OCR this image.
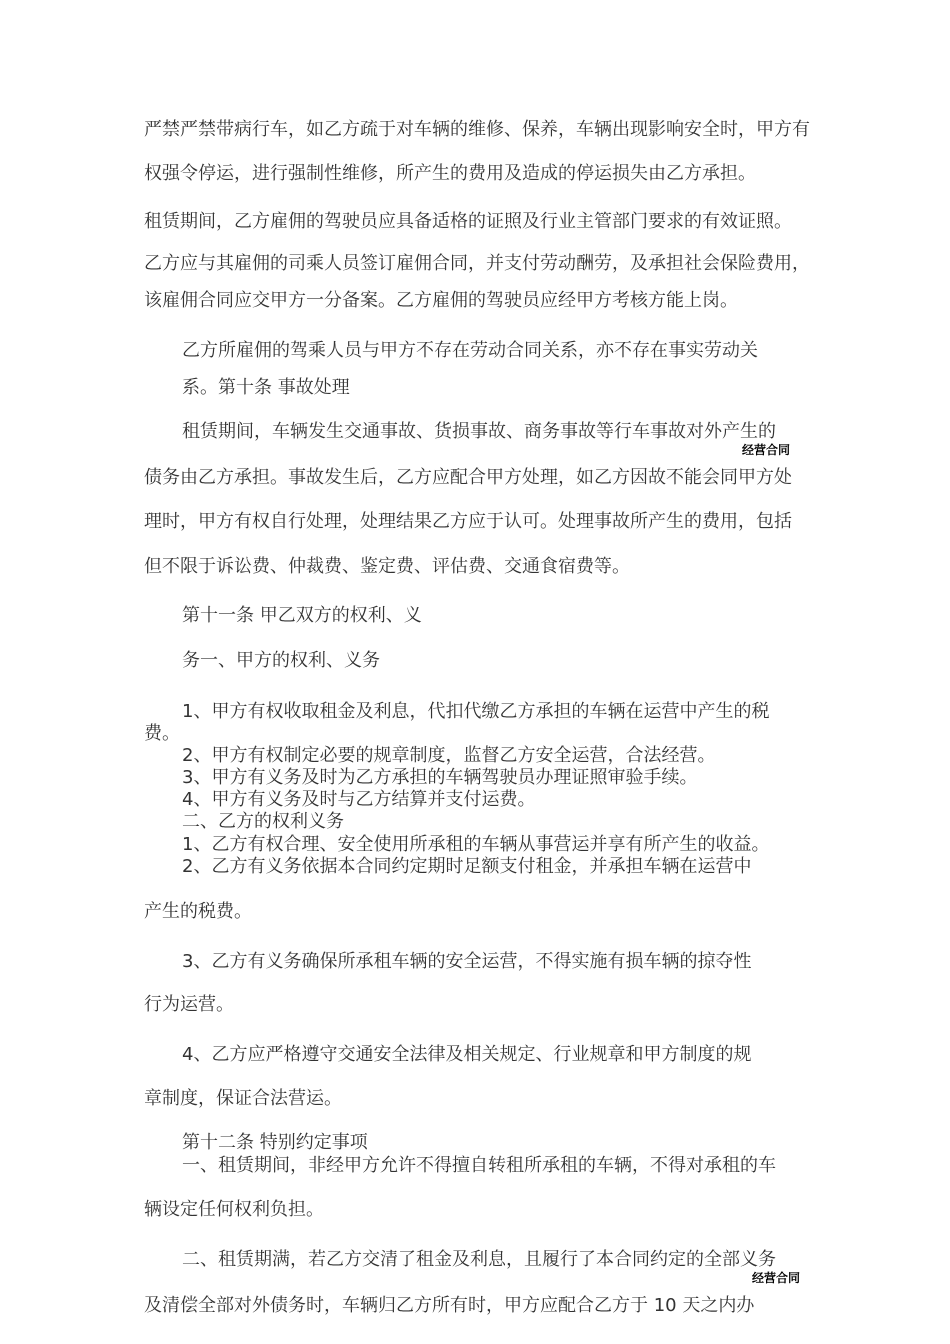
严禁严禁带病行车，如乙方疏于对车辆的维修、保养，车辆出现影响安全时，甲方有
权强令停运，进行强制性维修，所产生的费用及造成的停运损失由乙方承担。
租赁期间，乙方雇佣的驾驶员应具备适格的证照及行业主管部门要求的有效证照。
乙方应与其雇佣的司乘人员签订雇佣合同，并支付劳动酬劳，及承担社会保险费用，
该雇佣合同应交甲方一分备案。乙方雇佣的驾驶员应经甲方考核方能上岗。
乙方所雇佣的驾乘人员与甲方不存在劳动合同关系，亦不存在事实劳动关
系。第十条 事故处理
租赁期间，车辆发生交通事故、货损事故、商务事故等行车事故对外产生的
经营合同
债务由乙方承担。事故发生后，乙方应配合甲方处理，如乙方因故不能会同甲方处
理时，甲方有权自行处理，处理结果乙方应于认可。处理事故所产生的费用，包括
但不限于诉讼费、仲裁费、鉴定费、评估费、交通食宿费等。
第十一条 甲乙双方的权利、义
务一、甲方的权利、义务
1、甲方有权收取租金及利息，代扣代缴乙方承担的车辆在运营中产生的税
费。
2、甲方有权制定必要的规章制度，监督乙方安全运营，合法经营。
3、甲方有义务及时为乙方承担的车辆驾驶员办理证照审验手续。
4、甲方有义务及时与乙方结算并支付运费。
二、乙方的权利义务
1、乙方有权合理、安全使用所承租的车辆从事营运并享有所产生的收益。
2、乙方有义务依据本合同约定期时足额支付租金，并承担车辆在运营中
产生的税费。
3、乙方有义务确保所承租车辆的安全运营，不得实施有损车辆的掠夺性
行为运营。
4、乙方应严格遵守交通安全法律及相关规定、行业规章和甲方制度的规
章制度，保证合法营运。
第十二条 特别约定事项
一、租赁期间，非经甲方允许不得擅自转租所承租的车辆，不得对承租的车
辆设定任何权利负担。
二、租赁期满，若乙方交清了租金及利息，且履行了本合同约定的全部义务
经营合同
及清偿全部对外债务时，车辆归乙方所有时，甲方应配合乙方于 10 天之内办
